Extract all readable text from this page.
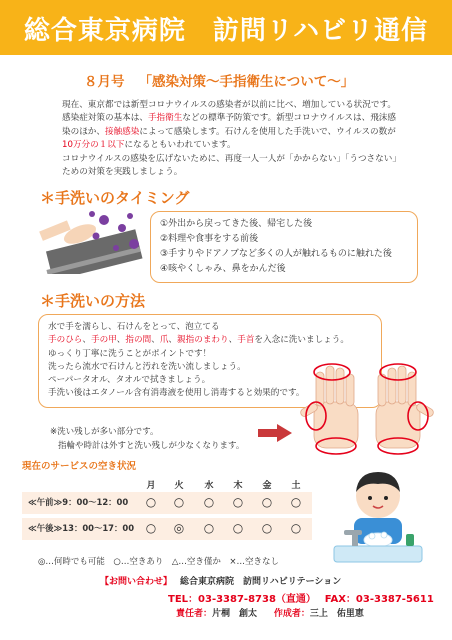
総合東京病院　訪問リハビリ通信
８月号 「感染対策〜手指衛生について〜」
現在、東京都では新型コロナウイルスの感染者が以前に比べ、増加している状況です。感染症対策の基本は、手指衛生などの標準予防策です。新型コロナウイルスは、飛沫感染のほか、接触感染によって感染します。石けんを使用した手洗いで、ウイルスの数が10万分の１以下になるともいわれています。
コロナウイルスの感染を広げないために、再度一人一人が「かからない」「うつさない」ための対策を実践しましょう。
＊手洗いのタイミング
①外出から戻ってきた後、帰宅した後
②料理や食事をする前後
③手すりやドアノブなど多くの人が触れるものに触れた後
④咳やくしゃみ、鼻をかんだ後
＊手洗いの方法
水で手を濡らし、石けんをとって、泡立てる
手のひら、手の甲、指の間、爪、親指のまわり、手首を入念に洗いましょう。
ゆっくり丁寧に洗うことがポイントです！
洗ったら流水で石けんと汚れを洗い流しましょう。
ペーパータオル、タオルで拭きましょう。
手洗い後はエタノール含有消毒液を使用し消毒すると効果的です。
※洗い残しが多い部分です。
指輪や時計は外すと洗い残しが少なくなります。
現在のサービスの空き状況
月	火	水	木	金	土
≪午前≫9：00〜12：00	○	○	○	○	○	○
≪午後≫13：00〜17：00 ○	◎	○	○	○	○
◎…何時でも可能　○…空きあり　△…空き僅か　×…空きなし
【お問い合わせ】 総合東京病院　訪問リハビリテーション
TEL：03-3387-8738（直通） FAX：03-3387-5611
責任者：片桐　創太 作成者：三上　佑里恵
